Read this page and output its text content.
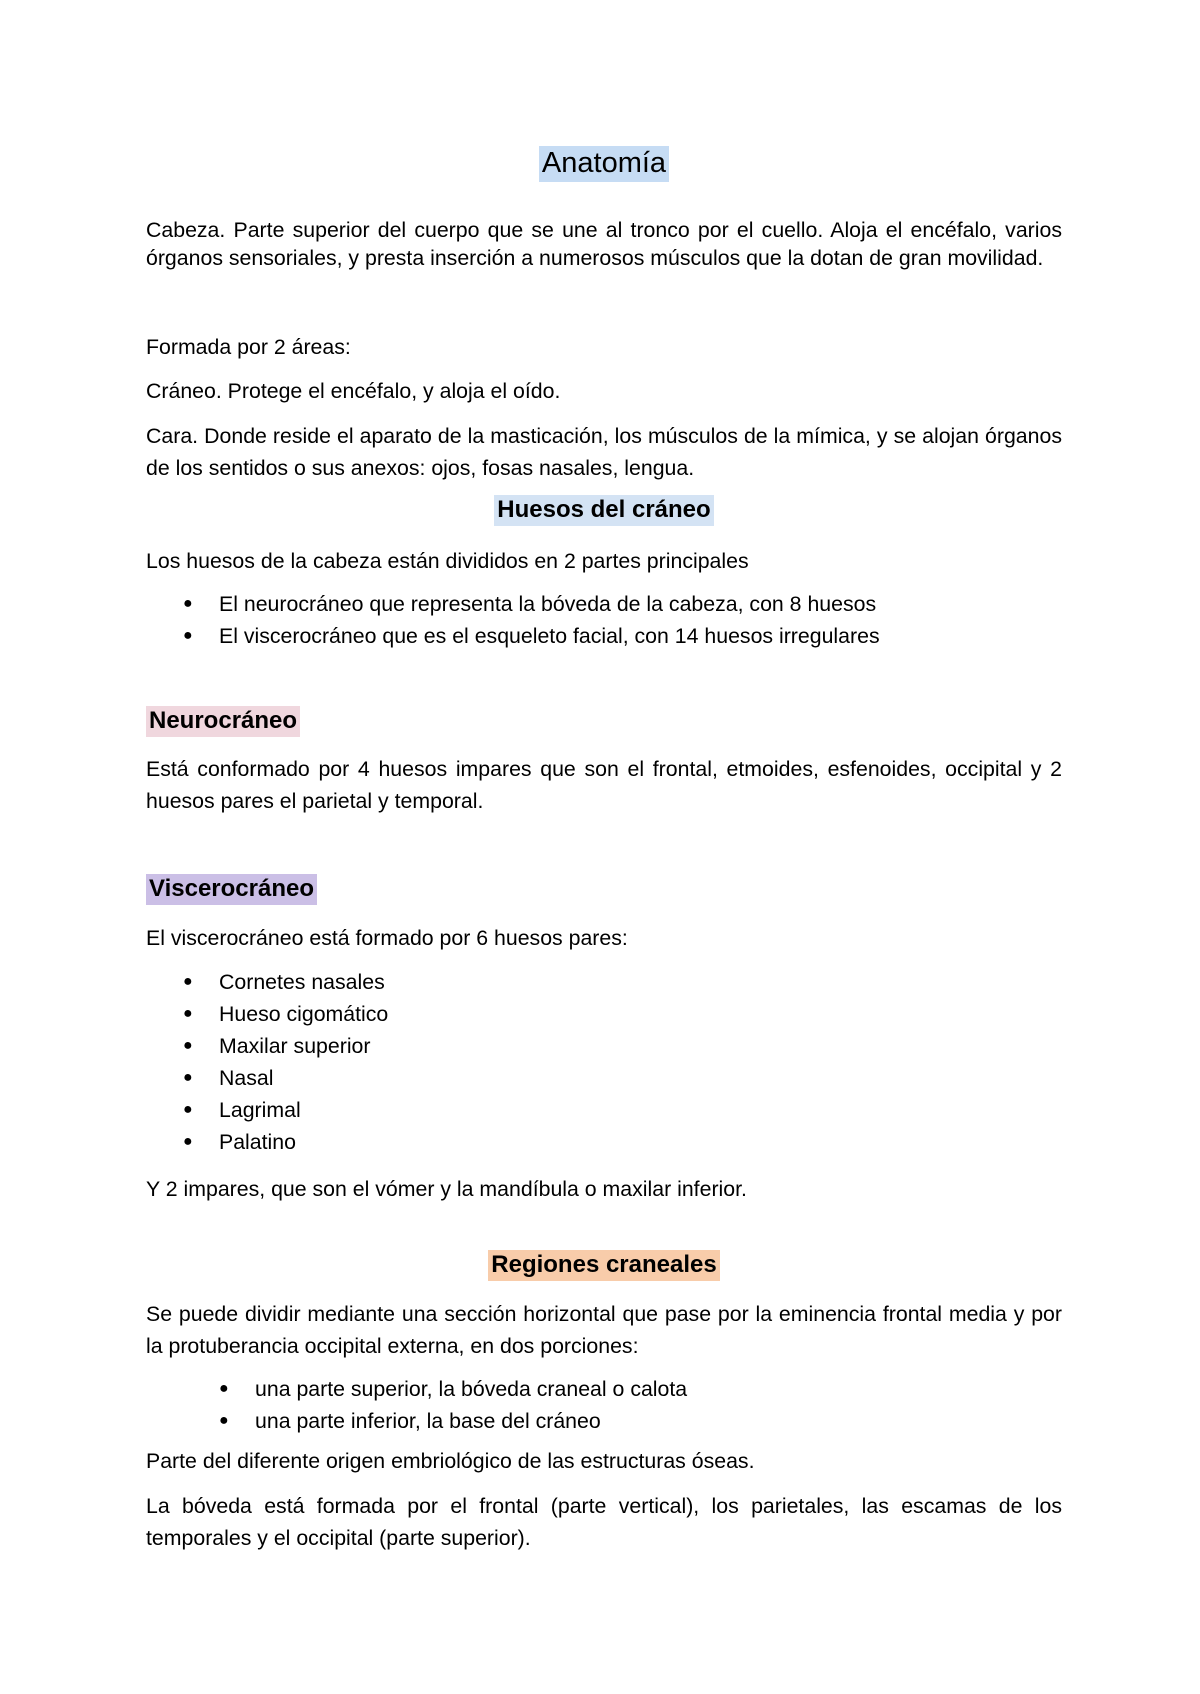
Anatomía

Cabeza. Parte superior del cuerpo que se une al tronco por el cuello. Aloja el encéfalo, varios órganos sensoriales, y presta inserción a numerosos músculos que la dotan de gran movilidad.

Formada por 2 áreas:

Cráneo. Protege el encéfalo, y aloja el oído.

Cara. Donde reside el aparato de la masticación, los músculos de la mímica, y se alojan órganos de los sentidos o sus anexos: ojos, fosas nasales, lengua.

Huesos del cráneo

Los huesos de la cabeza están divididos en 2 partes principales

● El neurocráneo que representa la bóveda de la cabeza, con 8 huesos
● El viscerocráneo que es el esqueleto facial, con 14 huesos irregulares
Neurocráneo

Está conformado por 4 huesos impares que son el frontal, etmoides, esfenoides, occipital y 2 huesos pares el parietal y temporal.

Viscerocráneo

El viscerocráneo está formado por 6 huesos pares:

● Cornetes nasales
● Hueso cigomático
● Maxilar superior
● Nasal
● Lagrimal
● Palatino

Y 2 impares, que son el vómer y la mandíbula o maxilar inferior.

Regiones craneales

Se puede dividir mediante una sección horizontal que pase por la eminencia frontal media y por la protuberancia occipital externa, en dos porciones:

● una parte superior, la bóveda craneal o calota
● una parte inferior, la base del cráneo

Parte del diferente origen embriológico de las estructuras óseas.

La bóveda está formada por el frontal (parte vertical), los parietales, las escamas de los temporales y el occipital (parte superior).
